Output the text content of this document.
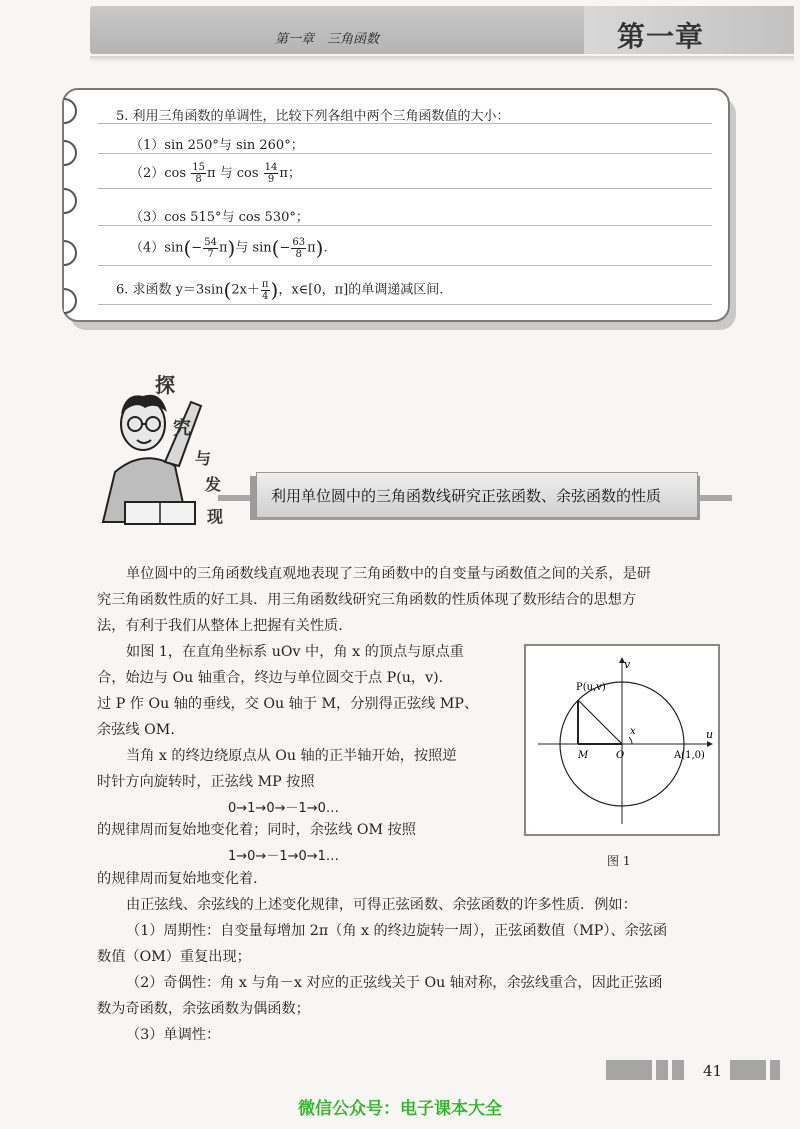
第一章　三角函数	第一章
5. 利用三角函数的单调性，比较下列各组中两个三角函数值的大小：
（1）sin 250°与 sin 260°；
$(2)\cos \frac{15}{8}$ π 与 $\cos \frac{14}{9}$ π；
（3）cos 515°与 cos 530°；
$(4)\sin(- \frac{54}{7} \pi)$与 $\sin(- \frac{63}{8} \pi)$.
6. 求函数 $y=3\sin(2x+ \frac{\pi}{4}$ )，x∈[0，π]的单调递减区间.
探
究
与
发
现
利用单位圆中的三角函数线研究正弦函数、余弦函数的性质
单位圆中的三角函数线直观地表现了三角函数中的自变量与函数值之间的关系，是研
究三角函数性质的好工具．用三角函数线研究三角函数的性质体现了数形结合的思想方
法，有利于我们从整体上把握有关性质.
如图 1，在直角坐标系 uOv 中，角 x 的顶点与原点重
合，始边与 Ou 轴重合，终边与单位圆交于点 P(u，v).
过 P 作 Ou 轴的垂线，交 Ou 轴于 M，分别得正弦线 MP、
余弦线 OM.
当角 x 的终边绕原点从 Ou 轴的正半轴开始，按照逆
时针方向旋转时，正弦线 MP 按照
0→1→0→－1→0…
的规律周而复始地变化着；同时，余弦线 OM 按照
1→0→－1→0→1…
的规律周而复始地变化着.
由正弦线、余弦线的上述变化规律，可得正弦函数、余弦函数的许多性质．例如：
（1）周期性：自变量每增加 2π（角 x 的终边旋转一周），正弦函数值（MP）、余弦函
数值（OM）重复出现；
（2）奇偶性：角 x 与角－x 对应的正弦线关于 Ou 轴对称，余弦线重合，因此正弦函
数为奇函数，余弦函数为偶函数；
（3）单调性：
v
u
P(u,v)
x
M	O	A(1,0)
图 1
41
微信公众号：电子课本大全
